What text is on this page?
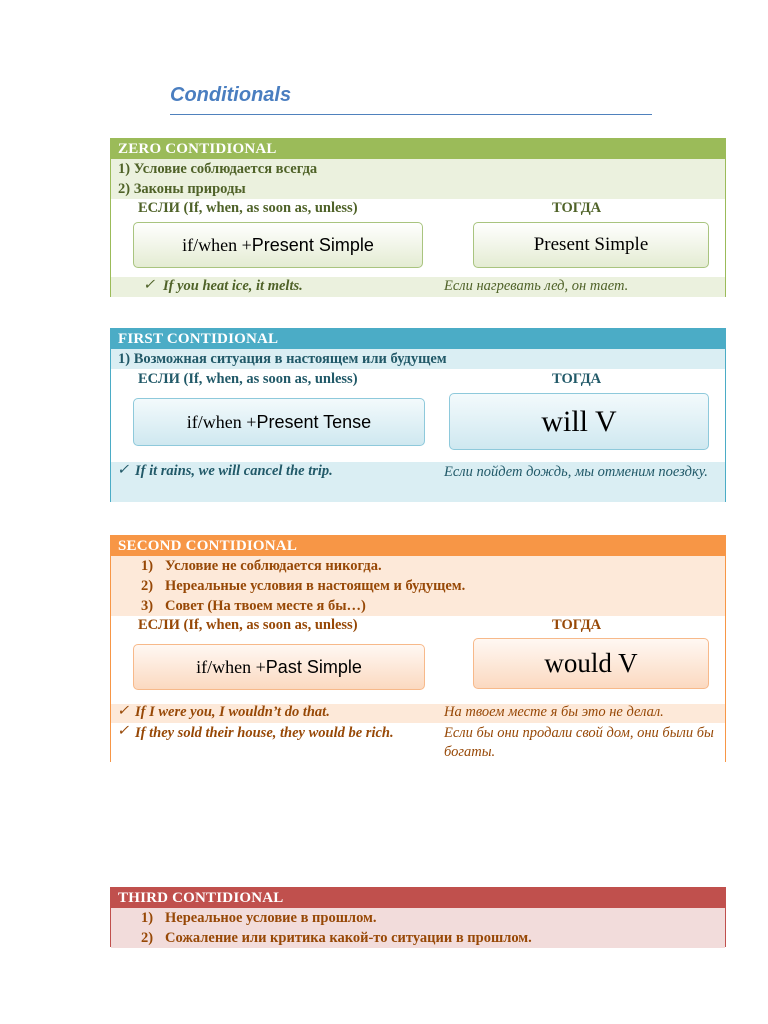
Conditionals
ZERO CONTIDIONAL
1) Условие соблюдается всегда
2) Законы природы
ЕСЛИ (If, when, as soon as, unless)	ТОГДА
if/when + Present Simple	Present Simple
✓ If you heat ice, it melts.	Если нагревать лед, он тает.
FIRST CONTIDIONAL
1) Возможная ситуация в настоящем или будущем
ЕСЛИ (If, when, as soon as, unless)	ТОГДА
if/when + Present Tense	will V
✓ If it rains, we will cancel the trip.	Если пойдет дождь, мы отменим поездку.
SECOND CONTIDIONAL
1) Условие не соблюдается никогда.
2) Нереальные условия в настоящем и будущем.
3) Совет (На твоем месте я бы…)
ЕСЛИ (If, when, as soon as, unless)	ТОГДА
if/when + Past Simple	would V
✓ If I were you, I wouldn’t do that.	На твоем месте я бы это не делал.
✓ If they sold their house, they would be rich.	Если бы они продали свой дом, они были бы богаты.
THIRD CONTIDIONAL
1) Нереальное условие в прошлом.
2) Сожаление или критика какой-то ситуации в прошлом.
